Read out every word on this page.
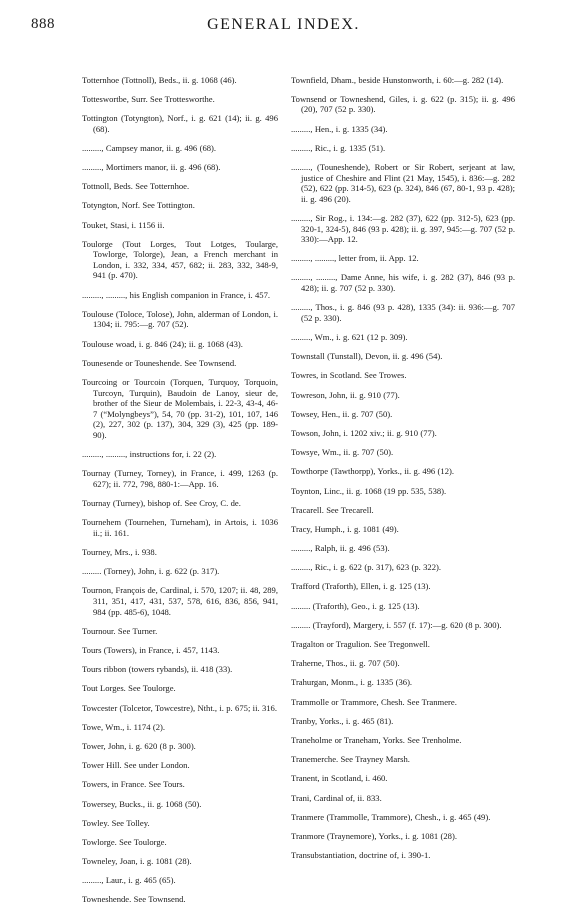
888	GENERAL INDEX.

Totternhoe (Tottnoll), Beds., ii. g. 1068 (46).

Totteswortbe, Surr. See Trottesworthe.

Tottington (Totyngton), Norf., i. g. 621 (14); ii. g. 496 (68).

........., Campsey manor, ii. g. 496 (68).

........., Mortimers manor, ii. g. 496 (68).

Tottnoll, Beds. See Totternhoe.

Totyngton, Norf. See Tottington.

Touket, Stasi, i. 1156 ii.

Toulorge (Tout Lorges, Tout Lotges, Toularge, Towlorge, Tolorge), Jean, a French merchant in London, i. 332, 334, 457, 682; ii. 283, 332, 348-9, 941 (p. 470).

........., ........., his English companion in France, i. 457.

Toulouse (Toloce, Tolose), John, alderman of London, i. 1304; ii. 795:—g. 707 (52).

Toulouse woad, i. g. 846 (24); ii. g. 1068 (43).

Tounesende or Touneshende. See Townsend.

Tourcoing or Tourcoin (Torquen, Turquoy, Torquoin, Turcoyn, Turquin), Baudoin de Lanoy, sieur de, brother of the Sieur de Molembais, i. 22-3, 43-4, 46-7 (“Molyngbeys”), 54, 70 (pp. 31-2), 101, 107, 146 (2), 227, 302 (p. 137), 304, 329 (3), 425 (pp. 189-90).

........., ........., instructions for, i. 22 (2).

Tournay (Turney, Torney), in France, i. 499, 1263 (p. 627); ii. 772, 798, 880-1:—App. 16.

Tournay (Turney), bishop of. See Croy, C. de.

Tournehem (Tournehen, Turneham), in Artois, i. 1036 ii.; ii. 161.

Tourney, Mrs., i. 938.

......... (Torney), John, i. g. 622 (p. 317).

Tournon, François de, Cardinal, i. 570, 1207; ii. 48, 289, 311, 351, 417, 431, 537, 578, 616, 836, 856, 941, 984 (pp. 485-6), 1048.

Tournour. See Turner.

Tours (Towers), in France, i. 457, 1143.

Tours ribbon (towers rybands), ii. 418 (33).

Tout Lorges. See Toulorge.

Towcester (Tolcetor, Towcestre), Ntht., i. p. 675; ii. 316.

Towe, Wm., i. 1174 (2).

Tower, John, i. g. 620 (8 p. 300).

Tower Hill. See under London.

Towers, in France. See Tours.

Towersey, Bucks., ii. g. 1068 (50).

Towley. See Tolley.

Towlorge. See Toulorge.

Towneley, Joan, i. g. 1081 (28).

........., Laur., i. g. 465 (65).

Towneshende. See Townsend.

Townfield, Dham., beside Hunstonworth, i. 60:—g. 282 (14).

Townsend or Towneshend, Giles, i. g. 622 (p. 315); ii. g. 496 (20), 707 (52 p. 330).

........., Hen., i. g. 1335 (34).

........., Ric., i. g. 1335 (51).

........., (Touneshende), Robert or Sir Robert, serjeant at law, justice of Cheshire and Flint (21 May, 1545), i. 836:—g. 282 (52), 622 (pp. 314-5), 623 (p. 324), 846 (67, 80-1, 93 p. 428); ii. g. 496 (20).

........., Sir Rog., i. 134:—g. 282 (37), 622 (pp. 312-5), 623 (pp. 320-1, 324-5), 846 (93 p. 428); ii. g. 397, 945:—g. 707 (52 p. 330):—App. 12.

........., ........., letter from, ii. App. 12.

........., ........., Dame Anne, his wife, i. g. 282 (37), 846 (93 p. 428); ii. g. 707 (52 p. 330).

........., Thos., i. g. 846 (93 p. 428), 1335 (34): ii. 936:—g. 707 (52 p. 330).

........., Wm., i. g. 621 (12 p. 309).

Townstall (Tunstall), Devon, ii. g. 496 (54).

Towres, in Scotland. See Trowes.

Towreson, John, ii. g. 910 (77).

Towsey, Hen., ii. g. 707 (50).

Towson, John, i. 1202 xiv.; ii. g. 910 (77).

Towsye, Wm., ii. g. 707 (50).

Towthorpe (Tawthorpp), Yorks., ii. g. 496 (12).

Toynton, Linc., ii. g. 1068 (19 pp. 535, 538).

Tracarell. See Trecarell.

Tracy, Humph., i. g. 1081 (49).

........., Ralph, ii. g. 496 (53).

........., Ric., i. g. 622 (p. 317), 623 (p. 322).

Trafford (Traforth), Ellen, i. g. 125 (13).

......... (Traforth), Geo., i. g. 125 (13).

......... (Trayford), Margery, i. 557 (f. 17):—g. 620 (8 p. 300).

Tragalton or Tragulion. See Tregonwell.

Traherne, Thos., ii. g. 707 (50).

Trahurgan, Monm., i. g. 1335 (36).

Trammolle or Trammore, Chesh. See Tranmere.

Tranby, Yorks., i. g. 465 (81).

Traneholme or Traneham, Yorks. See Trenholme.

Tranemerche. See Trayney Marsh.

Tranent, in Scotland, i. 460.

Trani, Cardinal of, ii. 833.

Tranmere (Trammolle, Trammore), Chesh., i. g. 465 (49).

Tranmore (Traynemore), Yorks., i. g. 1081 (28).

Transubstantiation, doctrine of, i. 390-1.
